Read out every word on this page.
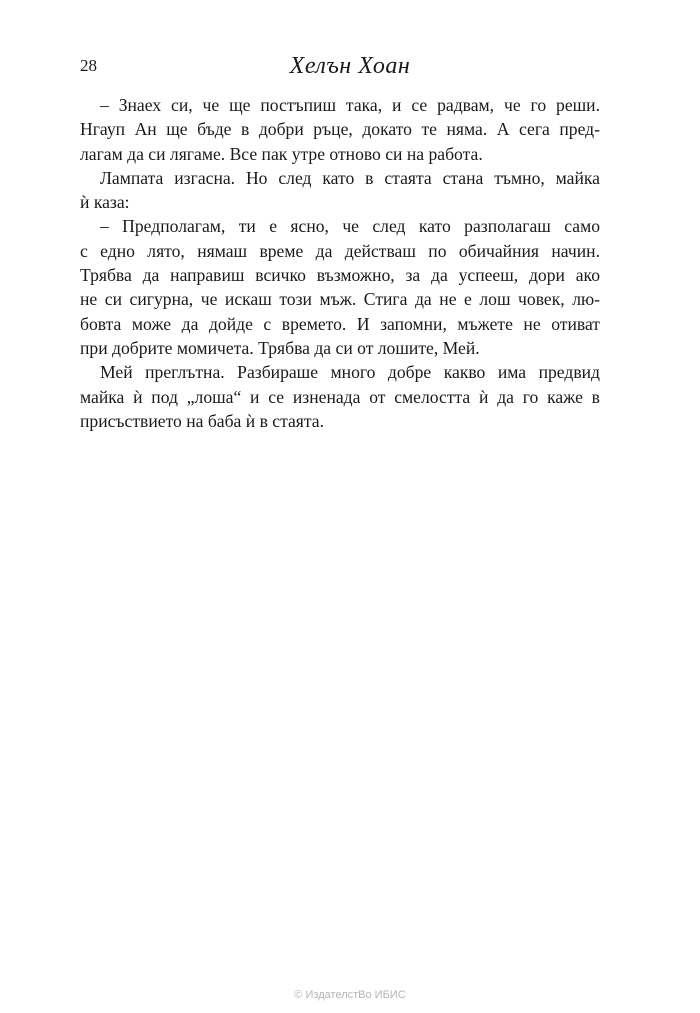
28	Хелън Хоан

– Знаех си, че ще постъпиш така, и се радвам, че го реши.
Нгауп Ан ще бъде в добри ръце, докато те няма. А сега пред-
лагам да си лягаме. Все пак утре отново си на работа.

Лампата изгасна. Но след като в стаята стана тъмно, майка
ѝ каза:

– Предполагам, ти е ясно, че след като разполагаш само
с едно лято, нямаш време да действаш по обичайния начин.
Трябва да направиш всичко възможно, за да успееш, дори ако
не си сигурна, че искаш този мъж. Стига да не е лош човек, лю-
бовта може да дойде с времето. И запомни, мъжете не отиват
при добрите момичета. Трябва да си от лошите, Мей.

Мей преглътна. Разбираше много добре какво има предвид
майка ѝ под „лоша“ и се изненада от смелостта ѝ да го каже в
присъствието на баба ѝ в стаята.

© ИздателстВо ИБИС
